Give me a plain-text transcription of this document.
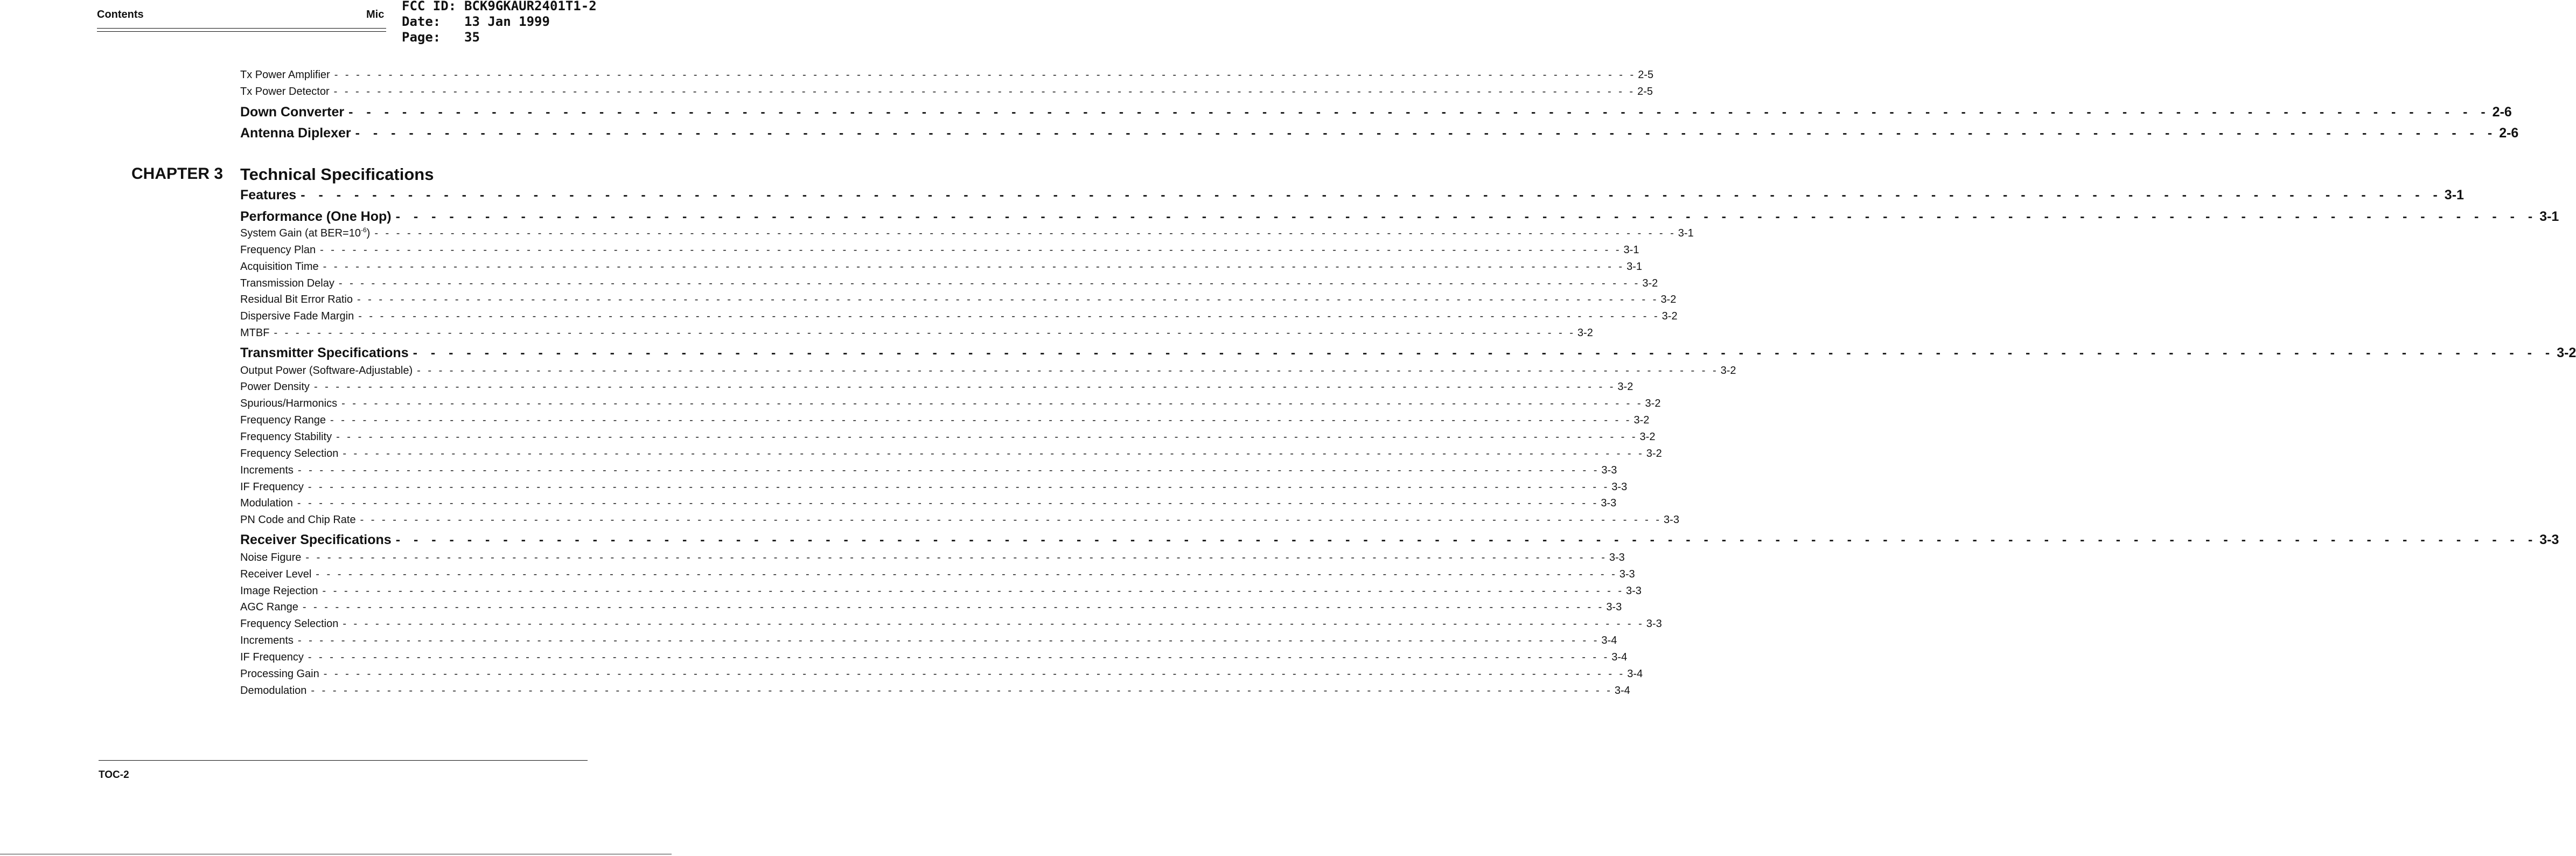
Contents	Mic
FCC ID:
Date:
Page:
BCK9GKAUR2401T1-2
13 Jan 1999
35
Tx Power Amplifier - - - - - - - - - - - - - - - - - - - - - - - - - - - - - - - - - - - - - - - - - - - - - - - - - - - - - - - - - - - - - - - - - - - - - - - - - - - - - - - - - - - - - - - - - - - - - - - - - - - - - - - - - - - - - - - - - - - - - - - - 2-5
Tx Power Detector - - - - - - - - - - - - - - - - - - - - - - - - - - - - - - - - - - - - - - - - - - - - - - - - - - - - - - - - - - - - - - - - - - - - - - - - - - - - - - - - - - - - - - - - - - - - - - - - - - - - - - - - - - - - - - - - - - - - - - - - 2-5
Down Converter - - - - - - - - - - - - - - - - - - - - - - - - - - - - - - - - - - - - - - - - - - - - - - - - - - - - - - - - - - - - - - - - - - - - - - - - - - - - - - - - - - - - - - - - - - - - - - - - - - - - - - - - - - - - - - - - - - - - - - - - 2-6
Antenna Diplexer - - - - - - - - - - - - - - - - - - - - - - - - - - - - - - - - - - - - - - - - - - - - - - - - - - - - - - - - - - - - - - - - - - - - - - - - - - - - - - - - - - - - - - - - - - - - - - - - - - - - - - - - - - - - - - - - - - - - - - - - 2-6
CHAPTER 3 Technical Specifications
System Gain (at $BER=10^{-6}$) - - - - - - - - - - - - - - - - - - - - - - - - - - - - - - - - - - - - - - - - - - - - - - - - - - - - - - - - - - - - - - - - - - - - - - - - - - - - - - - - - - - - - - - - - - - - - - - - - - - - - - - - - - - - - - - - - - - - - - - - 3-1
Features - - - - - - - - - - - - - - - - - - - - - - - - - - - - - - - - - - - - - - - - - - - - - - - - - - - - - - - - - - - - - - - - - - - - - - - - - - - - - - - - - - - - - - - - - - - - - - - - - - - - - - - - - - - - - - - - - - - - - - - - 3-1
Performance (One Hop) - - - - - - - - - - - - - - - - - - - - - - - - - - - - - - - - - - - - - - - - - - - - - - - - - - - - - - - - - - - - - - - - - - - - - - - - - - - - - - - - - - - - - - - - - - - - - - - - - - - - - - - - - - - - - - - - - - - - - - - - 3-1
Frequency Plan - - - - - - - - - - - - - - - - - - - - - - - - - - - - - - - - - - - - - - - - - - - - - - - - - - - - - - - - - - - - - - - - - - - - - - - - - - - - - - - - - - - - - - - - - - - - - - - - - - - - - - - - - - - - - - - - - - - - - - - - 3-1
Acquisition Time - - - - - - - - - - - - - - - - - - - - - - - - - - - - - - - - - - - - - - - - - - - - - - - - - - - - - - - - - - - - - - - - - - - - - - - - - - - - - - - - - - - - - - - - - - - - - - - - - - - - - - - - - - - - - - - - - - - - - - - - 3-1
Transmission Delay - - - - - - - - - - - - - - - - - - - - - - - - - - - - - - - - - - - - - - - - - - - - - - - - - - - - - - - - - - - - - - - - - - - - - - - - - - - - - - - - - - - - - - - - - - - - - - - - - - - - - - - - - - - - - - - - - - - - - - - - 3-2
Residual Bit Error Ratio - - - - - - - - - - - - - - - - - - - - - - - - - - - - - - - - - - - - - - - - - - - - - - - - - - - - - - - - - - - - - - - - - - - - - - - - - - - - - - - - - - - - - - - - - - - - - - - - - - - - - - - - - - - - - - - - - - - - - - - - 3-2
Dispersive Fade Margin - - - - - - - - - - - - - - - - - - - - - - - - - - - - - - - - - - - - - - - - - - - - - - - - - - - - - - - - - - - - - - - - - - - - - - - - - - - - - - - - - - - - - - - - - - - - - - - - - - - - - - - - - - - - - - - - - - - - - - - - 3-2
MTBF - - - - - - - - - - - - - - - - - - - - - - - - - - - - - - - - - - - - - - - - - - - - - - - - - - - - - - - - - - - - - - - - - - - - - - - - - - - - - - - - - - - - - - - - - - - - - - - - - - - - - - - - - - - - - - - - - - - - - - - - 3-2
Transmitter Specifications - - - - - - - - - - - - - - - - - - - - - - - - - - - - - - - - - - - - - - - - - - - - - - - - - - - - - - - - - - - - - - - - - - - - - - - - - - - - - - - - - - - - - - - - - - - - - - - - - - - - - - - - - - - - - - - - - - - - - - - - 3-2
Output Power (Software-Adjustable) - - - - - - - - - - - - - - - - - - - - - - - - - - - - - - - - - - - - - - - - - - - - - - - - - - - - - - - - - - - - - - - - - - - - - - - - - - - - - - - - - - - - - - - - - - - - - - - - - - - - - - - - - - - - - - - - - - - - - - - - 3-2
Power Density - - - - - - - - - - - - - - - - - - - - - - - - - - - - - - - - - - - - - - - - - - - - - - - - - - - - - - - - - - - - - - - - - - - - - - - - - - - - - - - - - - - - - - - - - - - - - - - - - - - - - - - - - - - - - - - - - - - - - - - - 3-2
Spurious/Harmonics - - - - - - - - - - - - - - - - - - - - - - - - - - - - - - - - - - - - - - - - - - - - - - - - - - - - - - - - - - - - - - - - - - - - - - - - - - - - - - - - - - - - - - - - - - - - - - - - - - - - - - - - - - - - - - - - - - - - - - - - 3-2
Frequency Range - - - - - - - - - - - - - - - - - - - - - - - - - - - - - - - - - - - - - - - - - - - - - - - - - - - - - - - - - - - - - - - - - - - - - - - - - - - - - - - - - - - - - - - - - - - - - - - - - - - - - - - - - - - - - - - - - - - - - - - - 3-2
Frequency Stability - - - - - - - - - - - - - - - - - - - - - - - - - - - - - - - - - - - - - - - - - - - - - - - - - - - - - - - - - - - - - - - - - - - - - - - - - - - - - - - - - - - - - - - - - - - - - - - - - - - - - - - - - - - - - - - - - - - - - - - - 3-2
Frequency Selection - - - - - - - - - - - - - - - - - - - - - - - - - - - - - - - - - - - - - - - - - - - - - - - - - - - - - - - - - - - - - - - - - - - - - - - - - - - - - - - - - - - - - - - - - - - - - - - - - - - - - - - - - - - - - - - - - - - - - - - - 3-2
Increments - - - - - - - - - - - - - - - - - - - - - - - - - - - - - - - - - - - - - - - - - - - - - - - - - - - - - - - - - - - - - - - - - - - - - - - - - - - - - - - - - - - - - - - - - - - - - - - - - - - - - - - - - - - - - - - - - - - - - - - - 3-3
IF Frequency - - - - - - - - - - - - - - - - - - - - - - - - - - - - - - - - - - - - - - - - - - - - - - - - - - - - - - - - - - - - - - - - - - - - - - - - - - - - - - - - - - - - - - - - - - - - - - - - - - - - - - - - - - - - - - - - - - - - - - - - 3-3
Modulation - - - - - - - - - - - - - - - - - - - - - - - - - - - - - - - - - - - - - - - - - - - - - - - - - - - - - - - - - - - - - - - - - - - - - - - - - - - - - - - - - - - - - - - - - - - - - - - - - - - - - - - - - - - - - - - - - - - - - - - - 3-3
PN Code and Chip Rate - - - - - - - - - - - - - - - - - - - - - - - - - - - - - - - - - - - - - - - - - - - - - - - - - - - - - - - - - - - - - - - - - - - - - - - - - - - - - - - - - - - - - - - - - - - - - - - - - - - - - - - - - - - - - - - - - - - - - - - - 3-3
Receiver Specifications - - - - - - - - - - - - - - - - - - - - - - - - - - - - - - - - - - - - - - - - - - - - - - - - - - - - - - - - - - - - - - - - - - - - - - - - - - - - - - - - - - - - - - - - - - - - - - - - - - - - - - - - - - - - - - - - - - - - - - - - 3-3
Noise Figure - - - - - - - - - - - - - - - - - - - - - - - - - - - - - - - - - - - - - - - - - - - - - - - - - - - - - - - - - - - - - - - - - - - - - - - - - - - - - - - - - - - - - - - - - - - - - - - - - - - - - - - - - - - - - - - - - - - - - - - - 3-3
Receiver Level - - - - - - - - - - - - - - - - - - - - - - - - - - - - - - - - - - - - - - - - - - - - - - - - - - - - - - - - - - - - - - - - - - - - - - - - - - - - - - - - - - - - - - - - - - - - - - - - - - - - - - - - - - - - - - - - - - - - - - - - 3-3
Image Rejection - - - - - - - - - - - - - - - - - - - - - - - - - - - - - - - - - - - - - - - - - - - - - - - - - - - - - - - - - - - - - - - - - - - - - - - - - - - - - - - - - - - - - - - - - - - - - - - - - - - - - - - - - - - - - - - - - - - - - - - - 3-3
AGC Range - - - - - - - - - - - - - - - - - - - - - - - - - - - - - - - - - - - - - - - - - - - - - - - - - - - - - - - - - - - - - - - - - - - - - - - - - - - - - - - - - - - - - - - - - - - - - - - - - - - - - - - - - - - - - - - - - - - - - - - - 3-3
Frequency Selection - - - - - - - - - - - - - - - - - - - - - - - - - - - - - - - - - - - - - - - - - - - - - - - - - - - - - - - - - - - - - - - - - - - - - - - - - - - - - - - - - - - - - - - - - - - - - - - - - - - - - - - - - - - - - - - - - - - - - - - - 3-3
Increments - - - - - - - - - - - - - - - - - - - - - - - - - - - - - - - - - - - - - - - - - - - - - - - - - - - - - - - - - - - - - - - - - - - - - - - - - - - - - - - - - - - - - - - - - - - - - - - - - - - - - - - - - - - - - - - - - - - - - - - - 3-4
IF Frequency - - - - - - - - - - - - - - - - - - - - - - - - - - - - - - - - - - - - - - - - - - - - - - - - - - - - - - - - - - - - - - - - - - - - - - - - - - - - - - - - - - - - - - - - - - - - - - - - - - - - - - - - - - - - - - - - - - - - - - - - 3-4
Processing Gain - - - - - - - - - - - - - - - - - - - - - - - - - - - - - - - - - - - - - - - - - - - - - - - - - - - - - - - - - - - - - - - - - - - - - - - - - - - - - - - - - - - - - - - - - - - - - - - - - - - - - - - - - - - - - - - - - - - - - - - - 3-4
Demodulation - - - - - - - - - - - - - - - - - - - - - - - - - - - - - - - - - - - - - - - - - - - - - - - - - - - - - - - - - - - - - - - - - - - - - - - - - - - - - - - - - - - - - - - - - - - - - - - - - - - - - - - - - - - - - - - - - - - - - - - - 3-4
TOC-2
